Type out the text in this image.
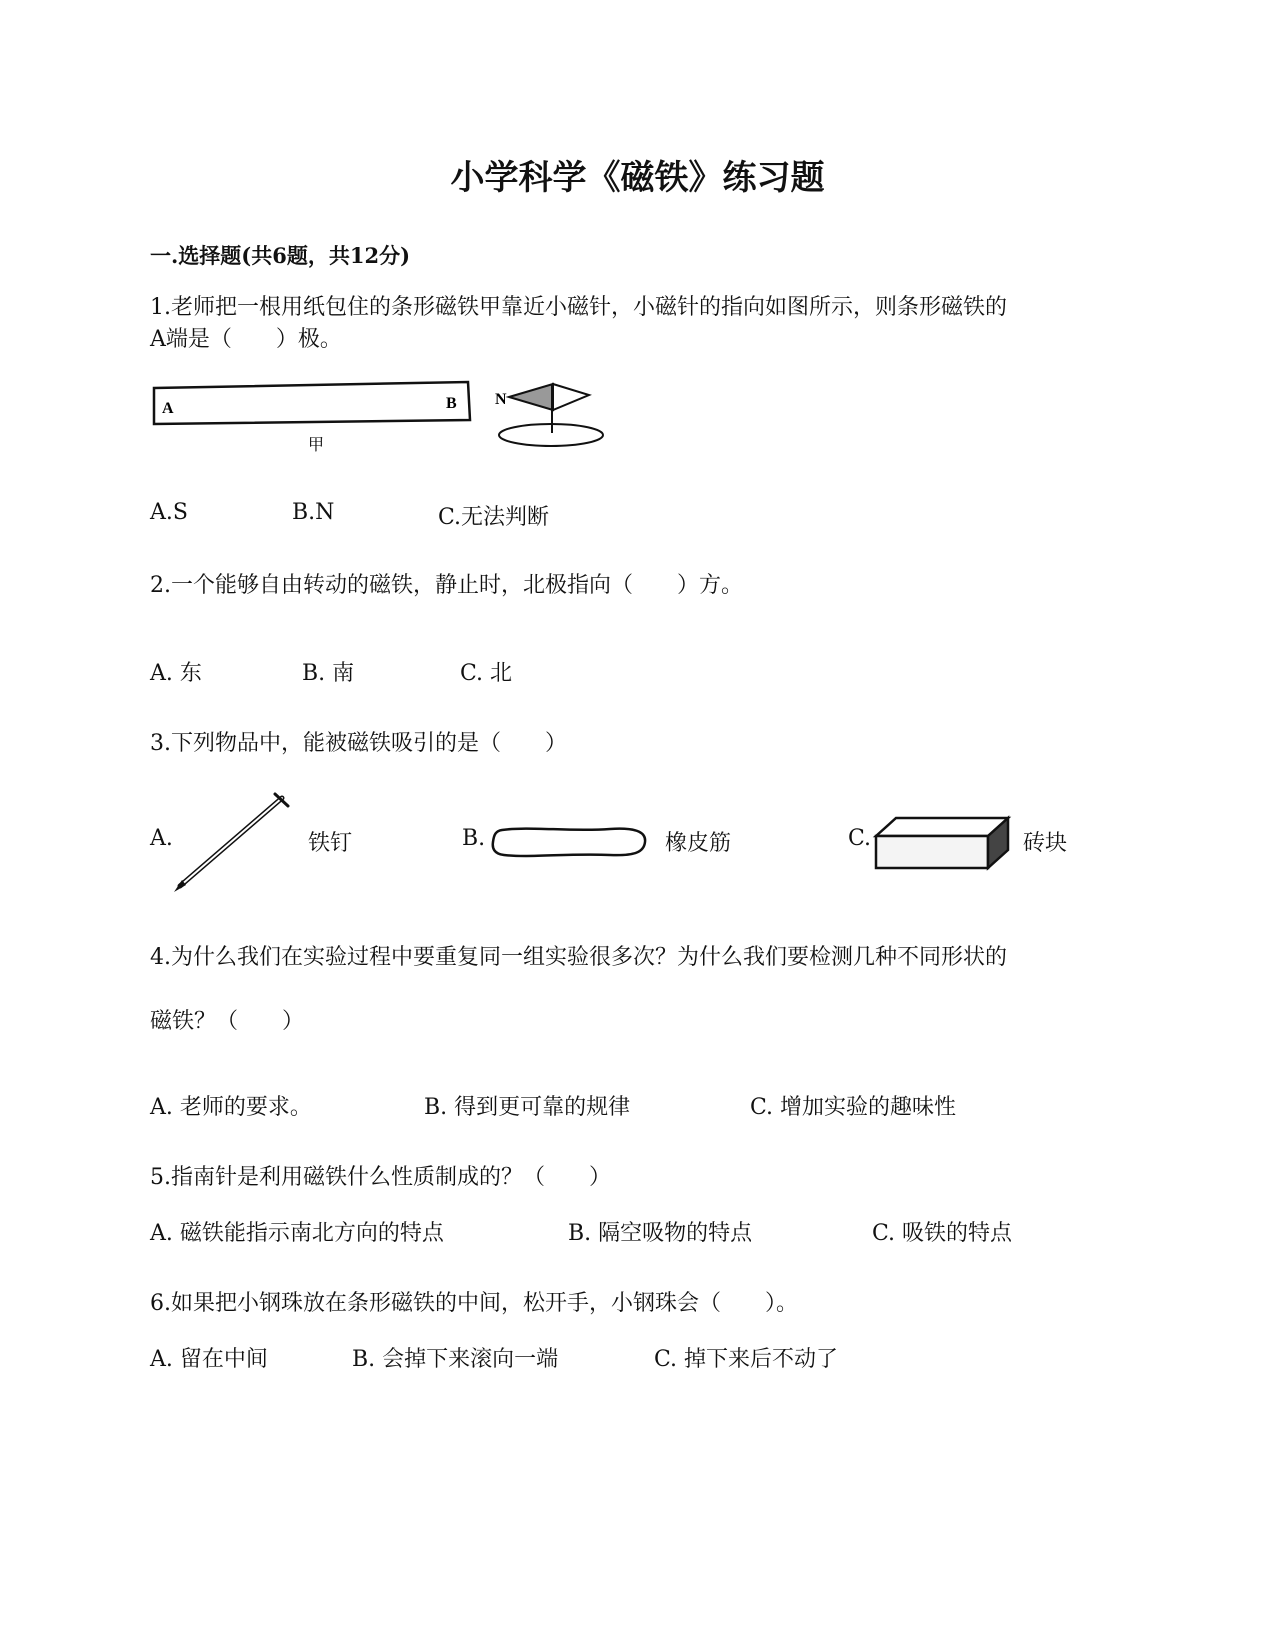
小学科学《磁铁》练习题
一.选择题(共6题，共12分)
1.老师把一根用纸包住的条形磁铁甲靠近小磁针，小磁针的指向如图所示，则条形磁铁的
A端是（　　）极。
A	B
甲
N
A.S	B.N	C.无法判断
2.一个能够自由转动的磁铁，静止时，北极指向（　　）方。
A. 东	B. 南	C. 北
3.下列物品中，能被磁铁吸引的是（　　）
A.	铁钉	B.	橡皮筋	C.	砖块
4.为什么我们在实验过程中要重复同一组实验很多次？为什么我们要检测几种不同形状的
磁铁？（　　）
A. 老师的要求。	B. 得到更可靠的规律	C. 增加实验的趣味性
5.指南针是利用磁铁什么性质制成的？（　　）
A. 磁铁能指示南北方向的特点	B. 隔空吸物的特点	C. 吸铁的特点
6.如果把小钢珠放在条形磁铁的中间，松开手，小钢珠会（　　）。
A. 留在中间	B. 会掉下来滚向一端	C. 掉下来后不动了
